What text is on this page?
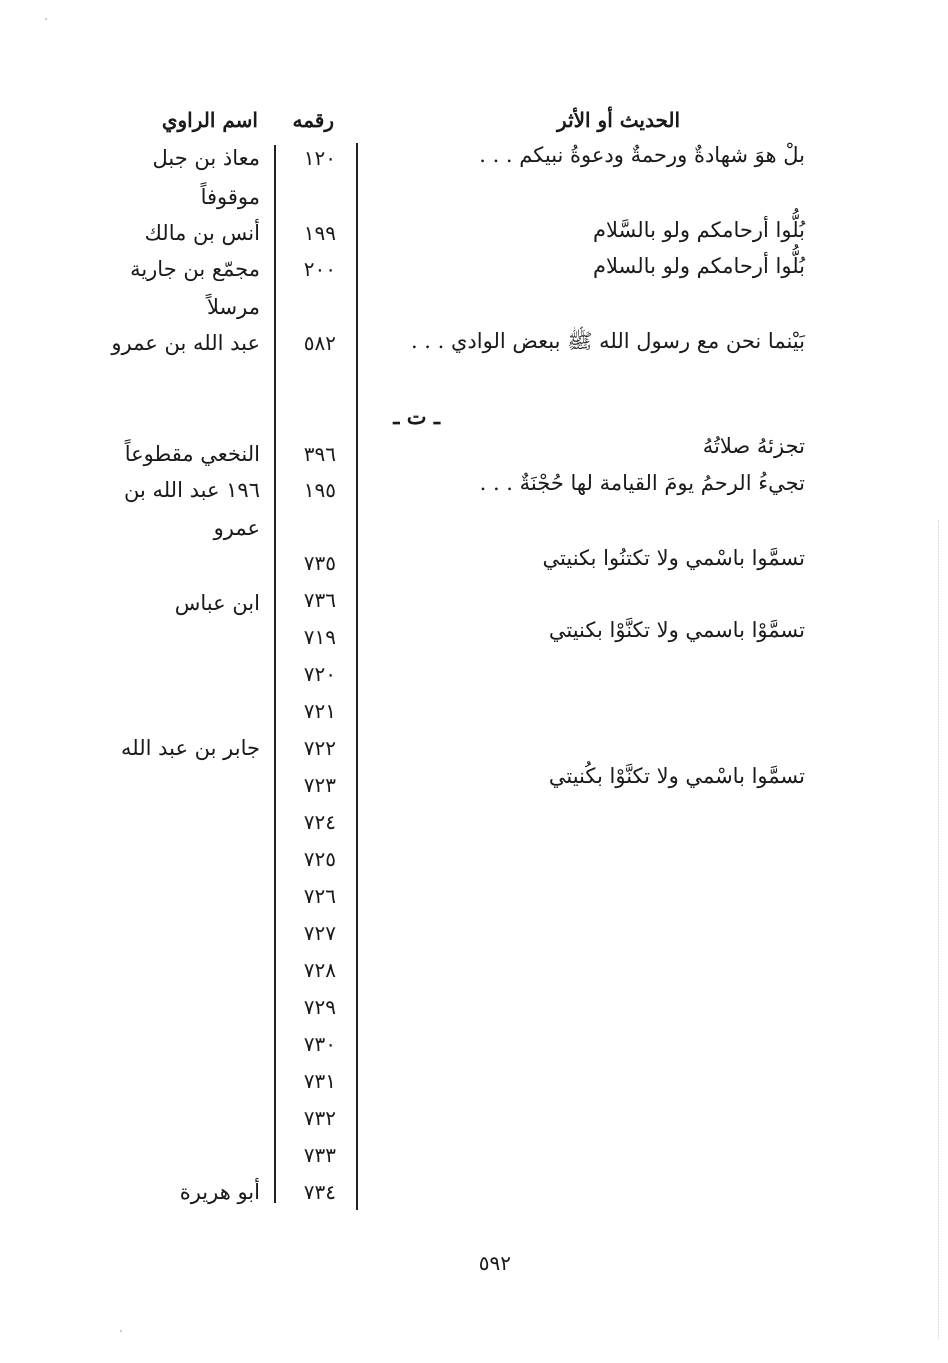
الحديث أو الأثر
رقمه
اسم الراوي
بلْ هوَ شهادةٌ ورحمةٌ ودعوةُ نبيكم . . .
بُلُّوا أرحامكم ولو بالسَّلام
بُلُّوا أرحامكم ولو بالسلام
بَيْنما نحن مع رسول الله ﷺ ببعض الوادي . . .
ـ ت ـ
تجزئهُ صلاتُهُ
تجيءُ الرحمُ يومَ القيامة لها حُجْنَةٌ . . .
تسمَّوا باسْمي ولا تكتنُوا بكنيتي
تسمَّوْا باسمي ولا تكنَّوْا بكنيتي
تسمَّوا باسْمي ولا تكنَّوْا بكُنيتي
١٢٠
١٩٩
٢٠٠
٥٨٢
٣٩٦
١٩٥
٧٣٥
٧٣٦
٧١٩
٧٢٠
٧٢١
٧٢٢
٧٢٣
٧٢٤
٧٢٥
٧٢٦
٧٢٧
٧٢٨
٧٢٩
٧٣٠
٧٣١
٧٣٢
٧٣٣
٧٣٤
معاذ بن جبل
موقوفاً
أنس بن مالك
مجمّع بن جارية
مرسلاً
عبد الله بن عمرو
النخعي مقطوعاً
١٩٦ عبد الله بن
عمرو
ابن عباس
جابر بن عبد الله
أبو هريرة
٥٩٢
